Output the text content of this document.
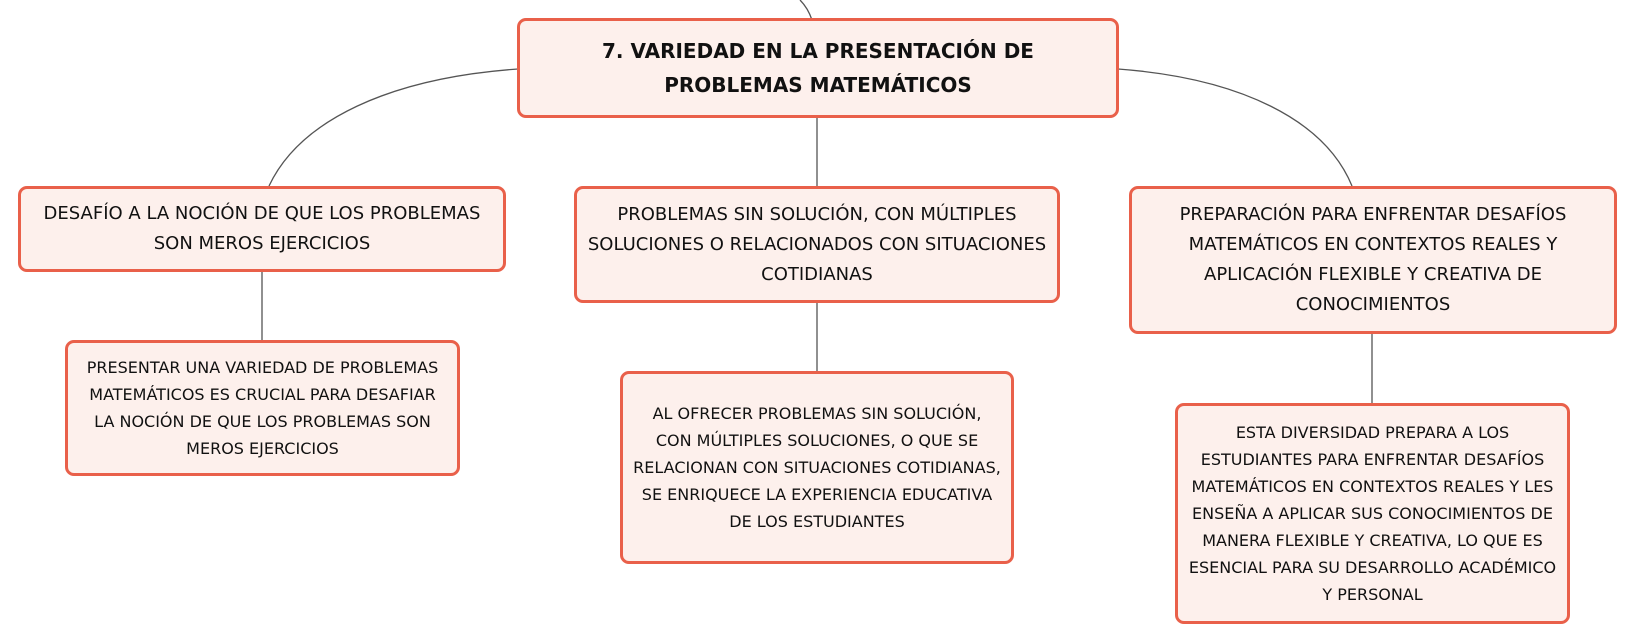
7. VARIEDAD EN LA PRESENTACIÓN DE PROBLEMAS MATEMÁTICOS
DESAFÍO A LA NOCIÓN DE QUE LOS PROBLEMAS SON MEROS EJERCICIOS
PROBLEMAS SIN SOLUCIÓN, CON MÚLTIPLES SOLUCIONES O RELACIONADOS CON SITUACIONES COTIDIANAS
PREPARACIÓN PARA ENFRENTAR DESAFÍOS MATEMÁTICOS EN CONTEXTOS REALES Y APLICACIÓN FLEXIBLE Y CREATIVA DE CONOCIMIENTOS
PRESENTAR UNA VARIEDAD DE PROBLEMAS MATEMÁTICOS ES CRUCIAL PARA DESAFIAR LA NOCIÓN DE QUE LOS PROBLEMAS SON MEROS EJERCICIOS
AL OFRECER PROBLEMAS SIN SOLUCIÓN, CON MÚLTIPLES SOLUCIONES, O QUE SE RELACIONAN CON SITUACIONES COTIDIANAS, SE ENRIQUECE LA EXPERIENCIA EDUCATIVA DE LOS ESTUDIANTES
ESTA DIVERSIDAD PREPARA A LOS ESTUDIANTES PARA ENFRENTAR DESAFÍOS MATEMÁTICOS EN CONTEXTOS REALES Y LES ENSEÑA A APLICAR SUS CONOCIMIENTOS DE MANERA FLEXIBLE Y CREATIVA, LO QUE ES ESENCIAL PARA SU DESARROLLO ACADÉMICO Y PERSONAL
